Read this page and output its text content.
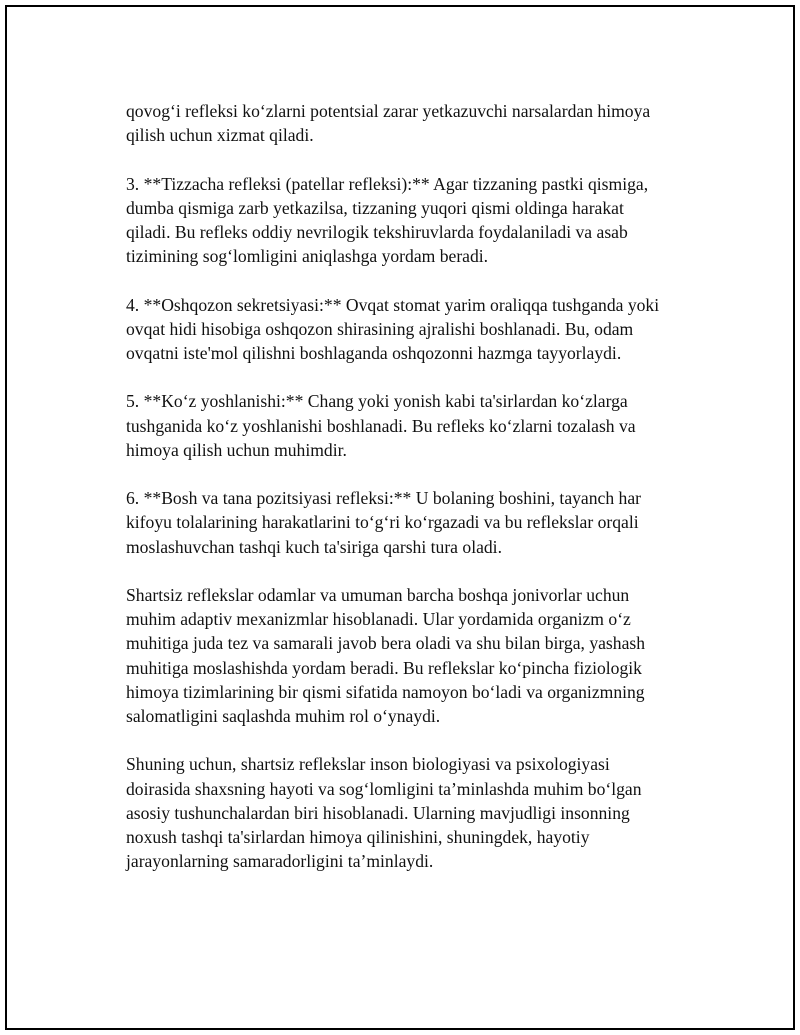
qovog‘i refleksi ko‘zlarni potentsial zarar yetkazuvchi narsalardan himoya
qilish uchun xizmat qiladi.

3. **Tizzacha refleksi (patellar refleksi):** Agar tizzaning pastki qismiga,
dumba qismiga zarb yetkazilsa, tizzaning yuqori qismi oldinga harakat
qiladi. Bu refleks oddiy nevrilogik tekshiruvlarda foydalaniladi va asab
tizimining sog‘lomligini aniqlashga yordam beradi.

4. **Oshqozon sekretsiyasi:** Ovqat stomat yarim oraliqqa tushganda yoki
ovqat hidi hisobiga oshqozon shirasining ajralishi boshlanadi. Bu, odam
ovqatni iste'mol qilishni boshlaganda oshqozonni hazmga tayyorlaydi.

5. **Ko‘z yoshlanishi:** Chang yoki yonish kabi ta'sirlardan ko‘zlarga
tushganida ko‘z yoshlanishi boshlanadi. Bu refleks ko‘zlarni tozalash va
himoya qilish uchun muhimdir.

6. **Bosh va tana pozitsiyasi refleksi:** U bolaning boshini, tayanch har
kifoyu tolalarining harakatlarini to‘g‘ri ko‘rgazadi va bu reflekslar orqali
moslashuvchan tashqi kuch ta'siriga qarshi tura oladi.

Shartsiz reflekslar odamlar va umuman barcha boshqa jonivorlar uchun
muhim adaptiv mexanizmlar hisoblanadi. Ular yordamida organizm o‘z
muhitiga juda tez va samarali javob bera oladi va shu bilan birga, yashash
muhitiga moslashishda yordam beradi. Bu reflekslar ko‘pincha fiziologik
himoya tizimlarining bir qismi sifatida namoyon bo‘ladi va organizmning
salomatligini saqlashda muhim rol o‘ynaydi.

Shuning uchun, shartsiz reflekslar inson biologiyasi va psixologiyasi
doirasida shaxsning hayoti va sog‘lomligini ta’minlashda muhim bo‘lgan
asosiy tushunchalardan biri hisoblanadi. Ularning mavjudligi insonning
noxush tashqi ta'sirlardan himoya qilinishini, shuningdek, hayotiy
jarayonlarning samaradorligini ta’minlaydi.
